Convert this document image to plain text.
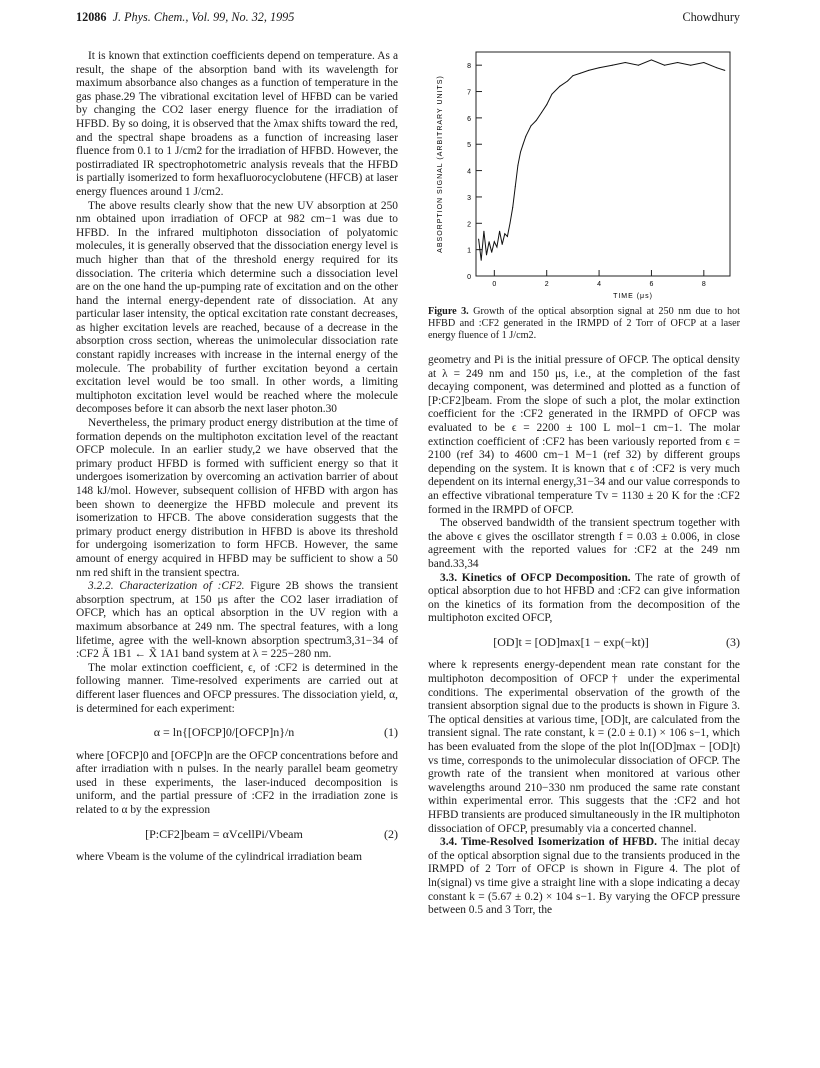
12086 J. Phys. Chem., Vol. 99, No. 32, 1995	Chowdhury

It is known that extinction coefficients depend on temperature. As a result, the shape of the absorption band with its wavelength for maximum absorbance also changes as a function of temperature in the gas phase.29 The vibrational excitation level of HFBD can be varied by changing the CO2 laser energy fluence for the irradiation of HFBD. By so doing, it is observed that the λmax shifts toward the red, and the spectral shape broadens as a function of increasing laser fluence from 0.1 to 1 J/cm2 for the irradiation of HFBD. However, the postirradiated IR spectrophotometric analysis reveals that the HFBD is partially isomerized to form hexafluorocyclobutene (HFCB) at laser energy fluences around 1 J/cm2.

The above results clearly show that the new UV absorption at 250 nm obtained upon irradiation of OFCP at 982 cm−1 was due to HFBD. In the infrared multiphoton dissociation of polyatomic molecules, it is generally observed that the dissociation energy level is much higher than that of the threshold energy required for its dissociation. The criteria which determine such a dissociation level are on the one hand the up-pumping rate of excitation and on the other hand the internal energy-dependent rate of dissociation. At any particular laser intensity, the optical excitation rate constant decreases, as higher excitation levels are reached, because of a decrease in the absorption cross section, whereas the unimolecular dissociation rate constant rapidly increases with increase in the internal energy of the molecule. The probability of further excitation beyond a certain excitation level would be too small. In other words, a limiting multiphoton excitation level would be reached where the molecule decomposes before it can absorb the next laser photon.30

Nevertheless, the primary product energy distribution at the time of formation depends on the multiphoton excitation level of the reactant OFCP molecule. In an earlier study,2 we have observed that the primary product HFBD is formed with sufficient energy so that it undergoes isomerization by overcoming an activation barrier of about 148 kJ/mol. However, subsequent collision of HFBD with argon has been shown to deenergize the HFBD molecule and prevent its isomerization to HFCB. The above consideration suggests that the primary product energy distribution in HFBD is above its threshold for undergoing isomerization to form HFCB. However, the same amount of energy acquired in HFBD may be sufficient to show a 50 nm red shift in the transient spectra.

3.2.2. Characterization of :CF2. Figure 2B shows the transient absorption spectrum, at 150 μs after the CO2 laser irradiation of OFCP, which has an optical absorption in the UV region with a maximum absorbance at 249 nm. The spectral features, with a long lifetime, agree with the well-known absorption spectrum3,31−34 of :CF2 Ã 1B1 ← X̃ 1A1 band system at λ = 225−280 nm.

The molar extinction coefficient, ϵ, of :CF2 is determined in the following manner. Time-resolved experiments are carried out at different laser fluences and OFCP pressures. The dissociation yield, α, is determined for each experiment:

α = ln{[OFCP]0/[OFCP]n}/n	(1)

where [OFCP]0 and [OFCP]n are the OFCP concentrations before and after irradiation with n pulses. In the nearly parallel beam geometry used in these experiments, the laser-induced decomposition is uniform, and the partial pressure of :CF2 in the irradiation zone is related to α by the expression

[P:CF2]beam = αVcellPi/Vbeam	(2)

where Vbeam is the volume of the cylindrical irradiation beam

0
1
2
3
4
5
6
7
8
0	2	4	6	8
ABSORPTION SIGNAL (ARBITRARY UNITS)
TIME (μs)
Figure 3. Growth of the optical absorption signal at 250 nm due to hot HFBD and :CF2 generated in the IRMPD of 2 Torr of OFCP at a laser energy fluence of 1 J/cm2.

geometry and Pi is the initial pressure of OFCP. The optical density at λ = 249 nm and 150 μs, i.e., at the completion of the fast decaying component, was determined and plotted as a function of [P:CF2]beam. From the slope of such a plot, the molar extinction coefficient for the :CF2 generated in the IRMPD of OFCP was evaluated to be ϵ = 2200 ± 100 L mol−1 cm−1. The molar extinction coefficient of :CF2 has been variously reported from ϵ = 2100 (ref 34) to 4600 cm−1 M−1 (ref 32) by different groups depending on the system. It is known that ϵ of :CF2 is very much dependent on its internal energy,31−34 and our value corresponds to an effective vibrational temperature Tv = 1130 ± 20 K for the :CF2 formed in the IRMPD of OFCP.

The observed bandwidth of the transient spectrum together with the above ϵ gives the oscillator strength f = 0.03 ± 0.006, in close agreement with the reported values for :CF2 at the 249 nm band.33,34

3.3. Kinetics of OFCP Decomposition. The rate of growth of optical absorption due to hot HFBD and :CF2 can give information on the kinetics of its formation from the decomposition of the multiphoton excited OFCP,

[OD]t = [OD]max[1 − exp(−kt)]	(3)

where k represents energy-dependent mean rate constant for the multiphoton decomposition of OFCP† under the experimental conditions. The experimental observation of the growth of the transient absorption signal due to the products is shown in Figure 3. The optical densities at various time, [OD]t, are calculated from the transient signal. The rate constant, k = (2.0 ± 0.1) × 106 s−1, which has been evaluated from the slope of the plot ln([OD]max − [OD]t) vs time, corresponds to the unimolecular dissociation of OFCP. The growth rate of the transient when monitored at various other wavelengths around 210−330 nm produced the same rate constant within experimental error. This suggests that the :CF2 and hot HFBD transients are produced simultaneously in the IR multiphoton dissociation of OFCP, presumably via a concerted channel.

3.4. Time-Resolved Isomerization of HFBD. The initial decay of the optical absorption signal due to the transients produced in the IRMPD of 2 Torr of OFCP is shown in Figure 4. The plot of ln(signal) vs time give a straight line with a slope indicating a decay constant k = (5.67 ± 0.2) × 104 s−1. By varying the OFCP pressure between 0.5 and 3 Torr, the
